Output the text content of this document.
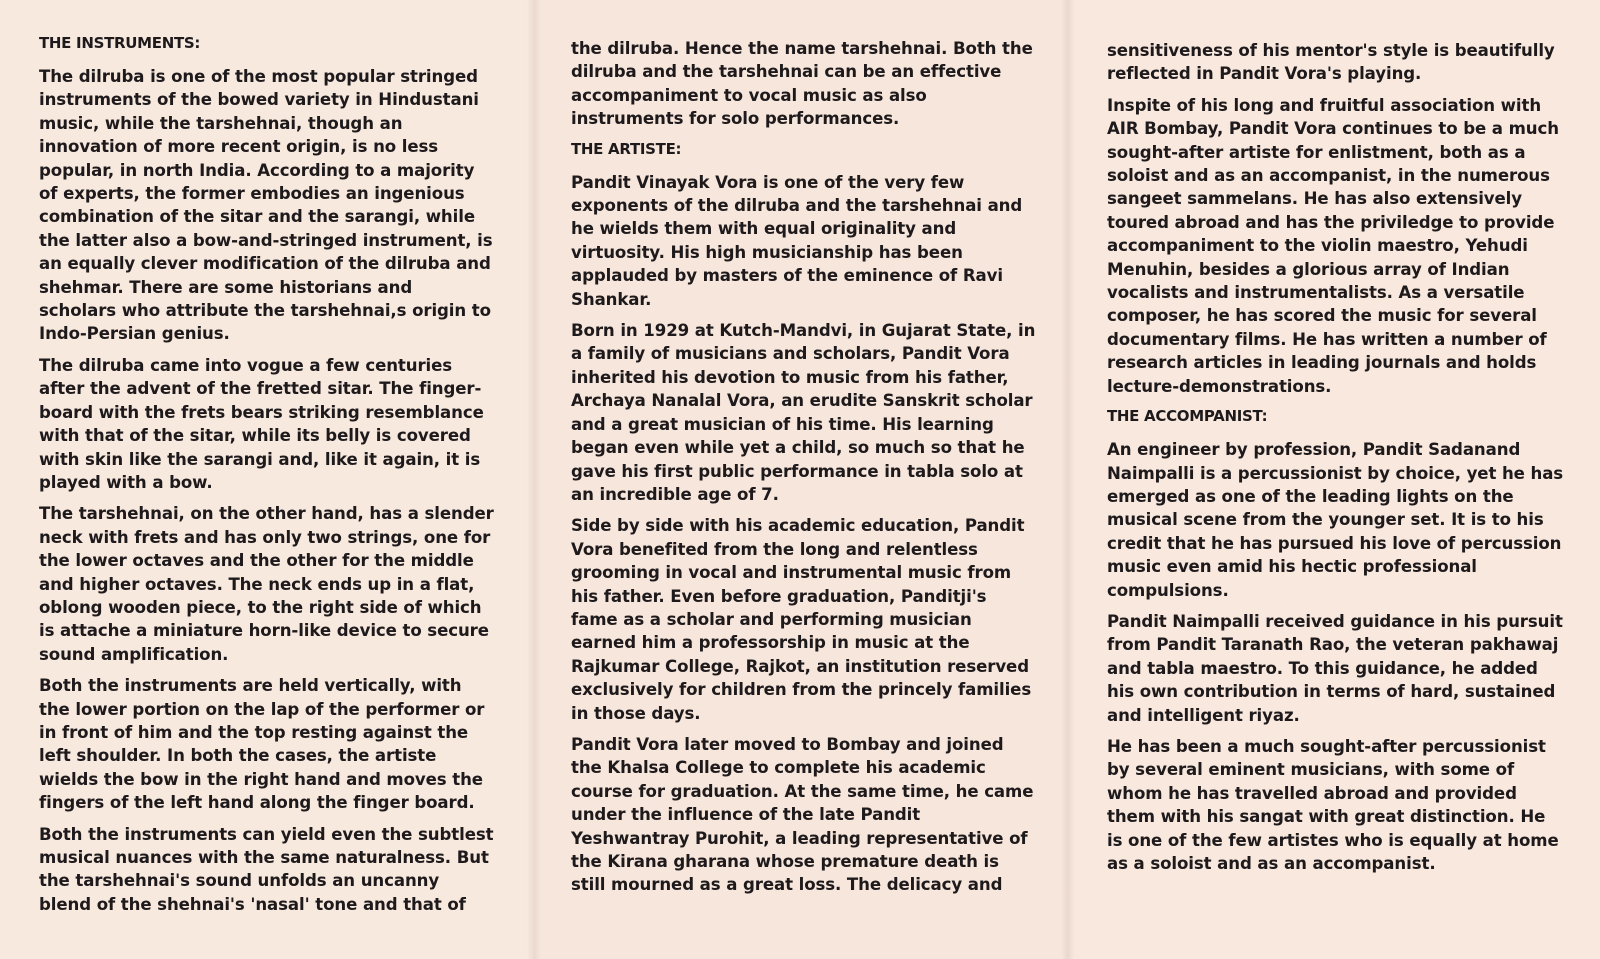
THE INSTRUMENTS:

The dilruba is one of the most popular stringed instruments of the bowed variety in Hindustani music, while the tarshehnai, though an innovation of more recent origin, is no less popular, in north India. According to a majority of experts, the former embodies an ingenious combination of the sitar and the sarangi, while the latter also a bow-and-stringed instrument, is an equally clever modification of the dilruba and shehmar. There are some historians and scholars who attribute the tarshehnai,s origin to Indo-Persian genius.

The dilruba came into vogue a few centuries after the advent of the fretted sitar. The finger-board with the frets bears striking resemblance with that of the sitar, while its belly is covered with skin like the sarangi and, like it again, it is played with a bow.

The tarshehnai, on the other hand, has a slender neck with frets and has only two strings, one for the lower octaves and the other for the middle and higher octaves. The neck ends up in a flat, oblong wooden piece, to the right side of which is attache a miniature horn-like device to secure sound amplification.

Both the instruments are held vertically, with the lower portion on the lap of the performer or in front of him and the top resting against the left shoulder. In both the cases, the artiste wields the bow in the right hand and moves the fingers of the left hand along the finger board.

Both the instruments can yield even the subtlest musical nuances with the same naturalness. But the tarshehnai's sound unfolds an uncanny blend of the shehnai's 'nasal' tone and that of

the dilruba. Hence the name tarshehnai. Both the dilruba and the tarshehnai can be an effective accompaniment to vocal music as also instruments for solo performances.

THE ARTISTE:

Pandit Vinayak Vora is one of the very few exponents of the dilruba and the tarshehnai and he wields them with equal originality and virtuosity. His high musicianship has been applauded by masters of the eminence of Ravi Shankar.

Born in 1929 at Kutch-Mandvi, in Gujarat State, in a family of musicians and scholars, Pandit Vora inherited his devotion to music from his father, Archaya Nanalal Vora, an erudite Sanskrit scholar and a great musician of his time. His learning began even while yet a child, so much so that he gave his first public performance in tabla solo at an incredible age of 7.

Side by side with his academic education, Pandit Vora benefited from the long and relentless grooming in vocal and instrumental music from his father. Even before graduation, Panditji's fame as a scholar and performing musician earned him a professorship in music at the Rajkumar College, Rajkot, an institution reserved exclusively for children from the princely families in those days.

Pandit Vora later moved to Bombay and joined the Khalsa College to complete his academic course for graduation. At the same time, he came under the influence of the late Pandit Yeshwantray Purohit, a leading representative of the Kirana gharana whose premature death is still mourned as a great loss. The delicacy and

sensitiveness of his mentor's style is beautifully reflected in Pandit Vora's playing.

Inspite of his long and fruitful association with AIR Bombay, Pandit Vora continues to be a much sought-after artiste for enlistment, both as a soloist and as an accompanist, in the numerous sangeet sammelans. He has also extensively toured abroad and has the priviledge to provide accompaniment to the violin maestro, Yehudi Menuhin, besides a glorious array of Indian vocalists and instrumentalists. As a versatile composer, he has scored the music for several documentary films. He has written a number of research articles in leading journals and holds lecture-demonstrations.

THE ACCOMPANIST:

An engineer by profession, Pandit Sadanand Naimpalli is a percussionist by choice, yet he has emerged as one of the leading lights on the musical scene from the younger set. It is to his credit that he has pursued his love of percussion music even amid his hectic professional compulsions.

Pandit Naimpalli received guidance in his pursuit from Pandit Taranath Rao, the veteran pakhawaj and tabla maestro. To this guidance, he added his own contribution in terms of hard, sustained and intelligent riyaz.

He has been a much sought-after percussionist by several eminent musicians, with some of whom he has travelled abroad and provided them with his sangat with great distinction. He is one of the few artistes who is equally at home as a soloist and as an accompanist.
